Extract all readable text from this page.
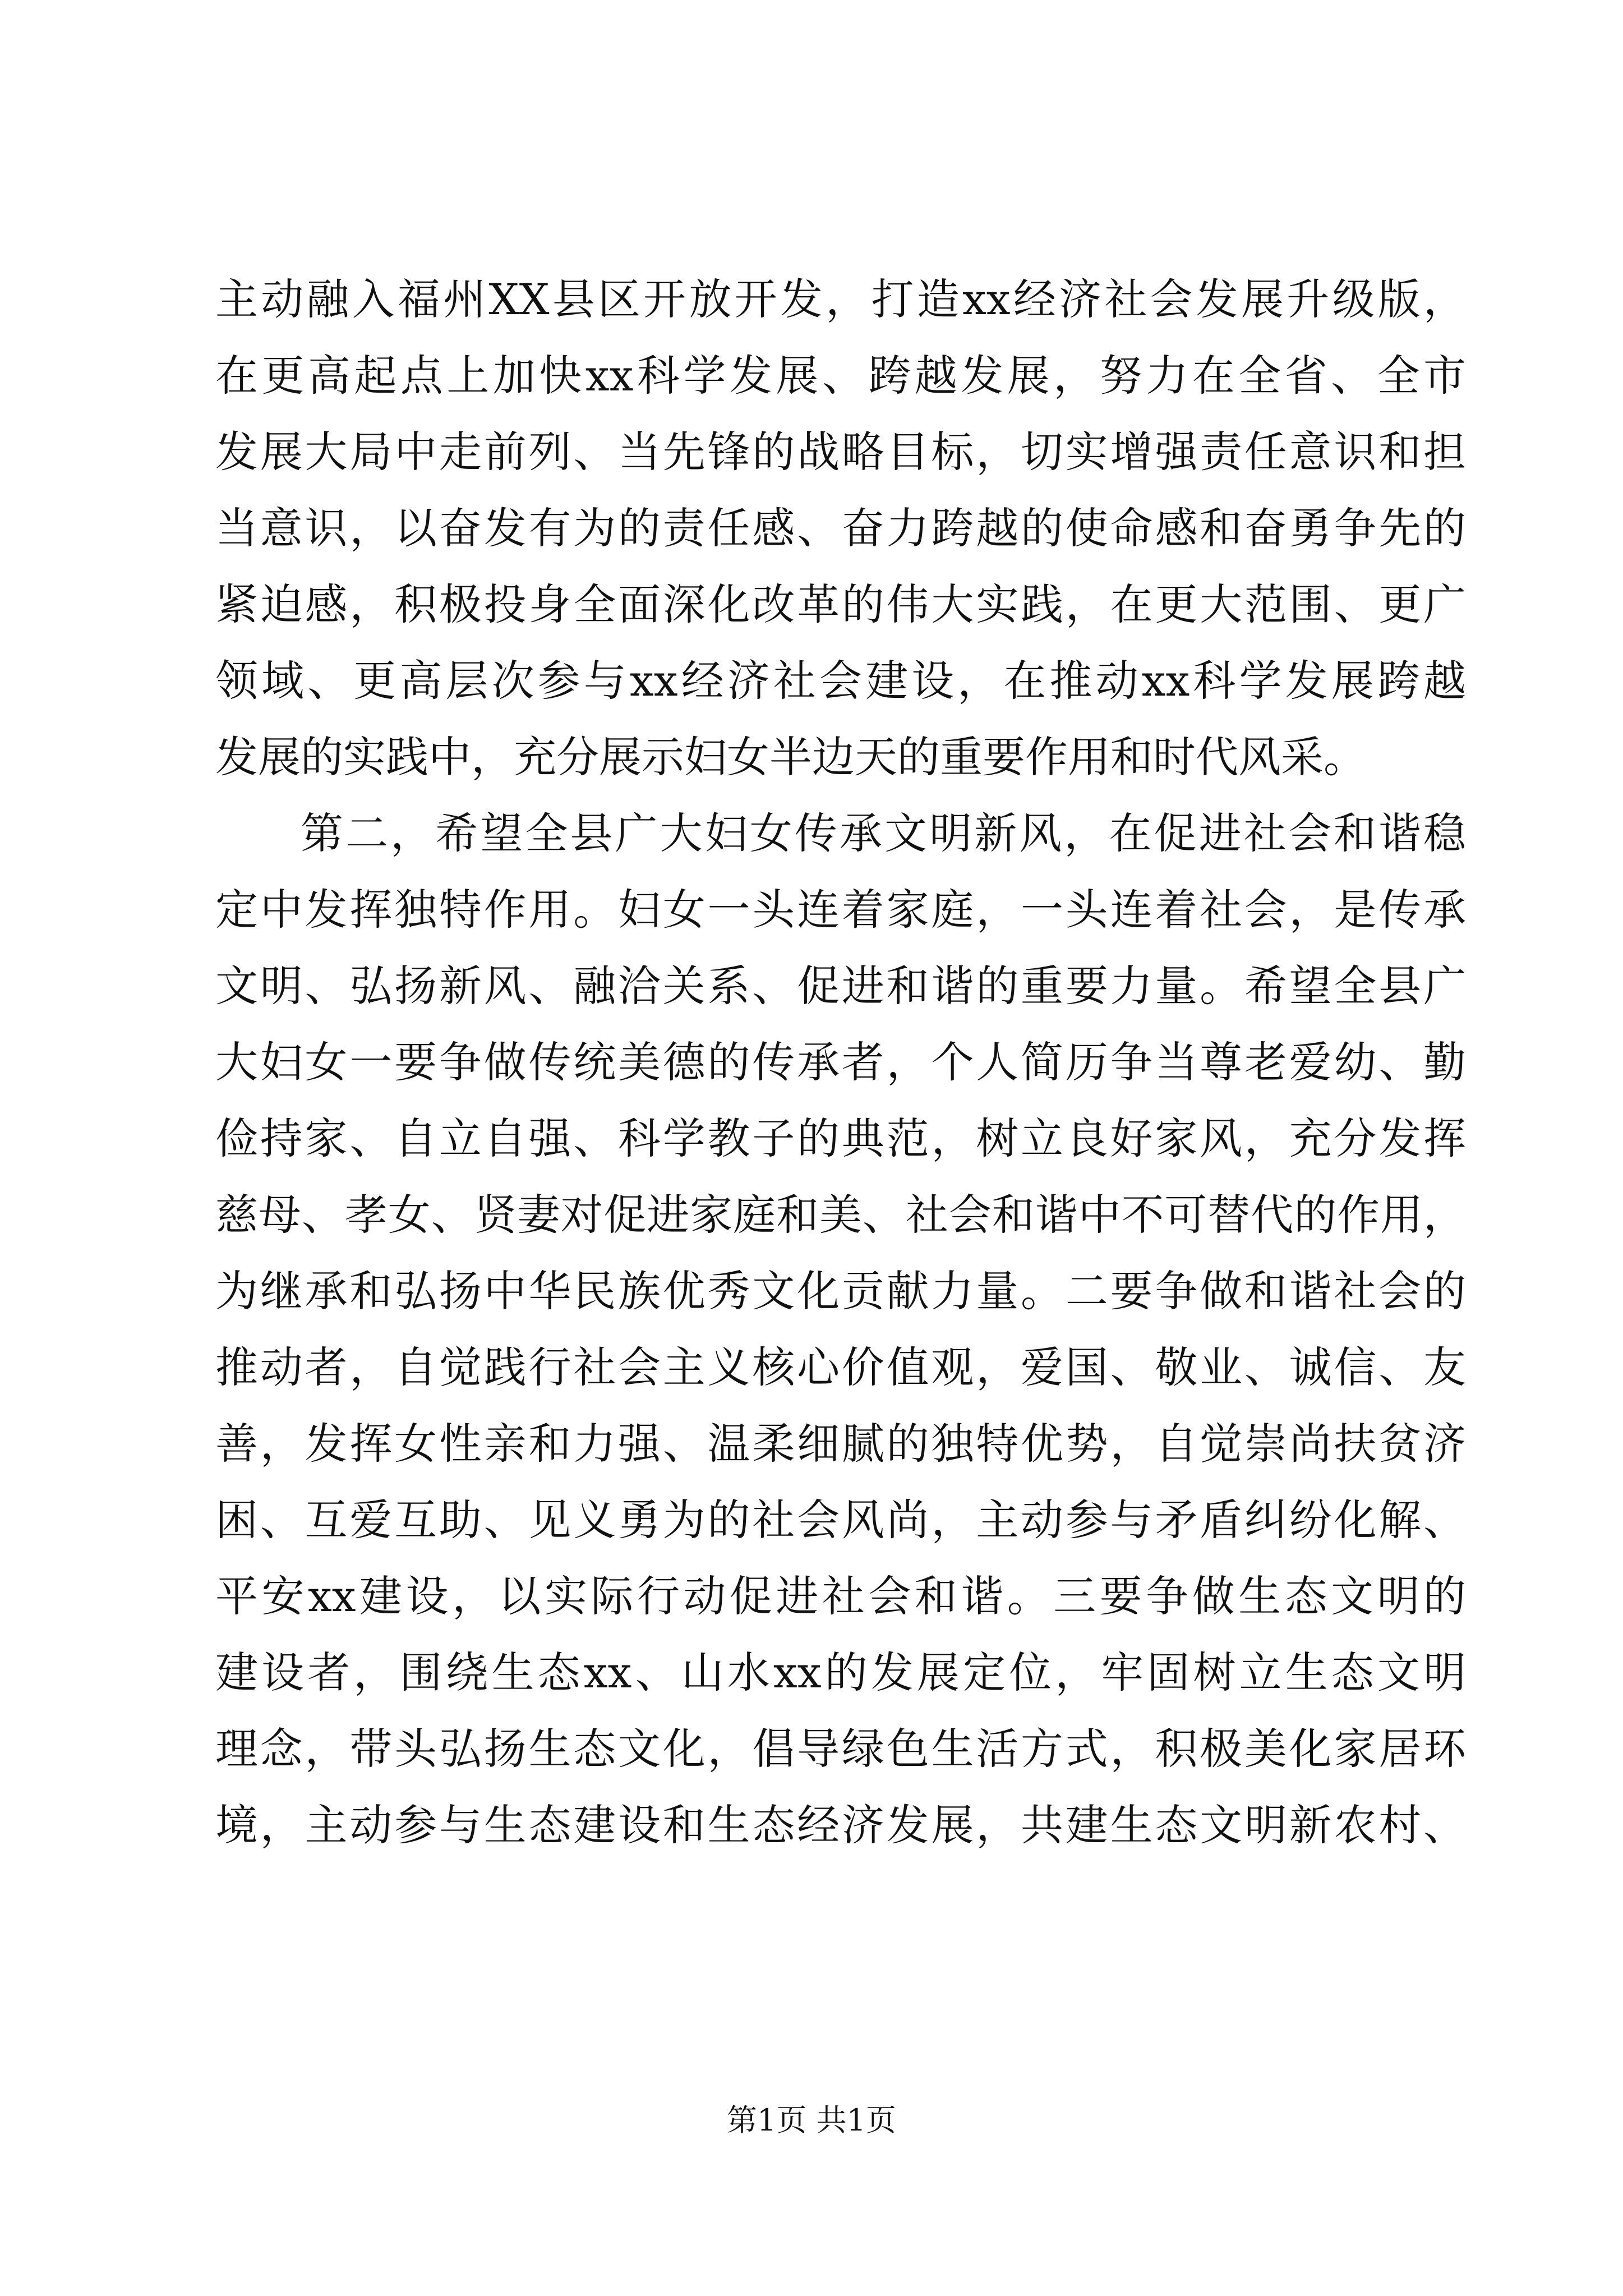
主动融入福州XX县区开放开发，打造xx经济社会发展升级版，
在更高起点上加快xx科学发展、跨越发展，努力在全省、全市
发展大局中走前列、当先锋的战略目标，切实增强责任意识和担
当意识，以奋发有为的责任感、奋力跨越的使命感和奋勇争先的
紧迫感，积极投身全面深化改革的伟大实践，在更大范围、更广
领域、更高层次参与xx经济社会建设，在推动xx科学发展跨越
发展的实践中，充分展示妇女半边天的重要作用和时代风采。
第二，希望全县广大妇女传承文明新风，在促进社会和谐稳
定中发挥独特作用。妇女一头连着家庭，一头连着社会，是传承
文明、弘扬新风、融洽关系、促进和谐的重要力量。希望全县广
大妇女一要争做传统美德的传承者，个人简历争当尊老爱幼、勤
俭持家、自立自强、科学教子的典范，树立良好家风，充分发挥
慈母、孝女、贤妻对促进家庭和美、社会和谐中不可替代的作用，
为继承和弘扬中华民族优秀文化贡献力量。二要争做和谐社会的
推动者，自觉践行社会主义核心价值观，爱国、敬业、诚信、友
善，发挥女性亲和力强、温柔细腻的独特优势，自觉崇尚扶贫济
困、互爱互助、见义勇为的社会风尚，主动参与矛盾纠纷化解、
平安xx建设，以实际行动促进社会和谐。三要争做生态文明的
建设者，围绕生态xx、山水xx的发展定位，牢固树立生态文明
理念，带头弘扬生态文化，倡导绿色生活方式，积极美化家居环
境，主动参与生态建设和生态经济发展，共建生态文明新农村、
第1页 共1页
